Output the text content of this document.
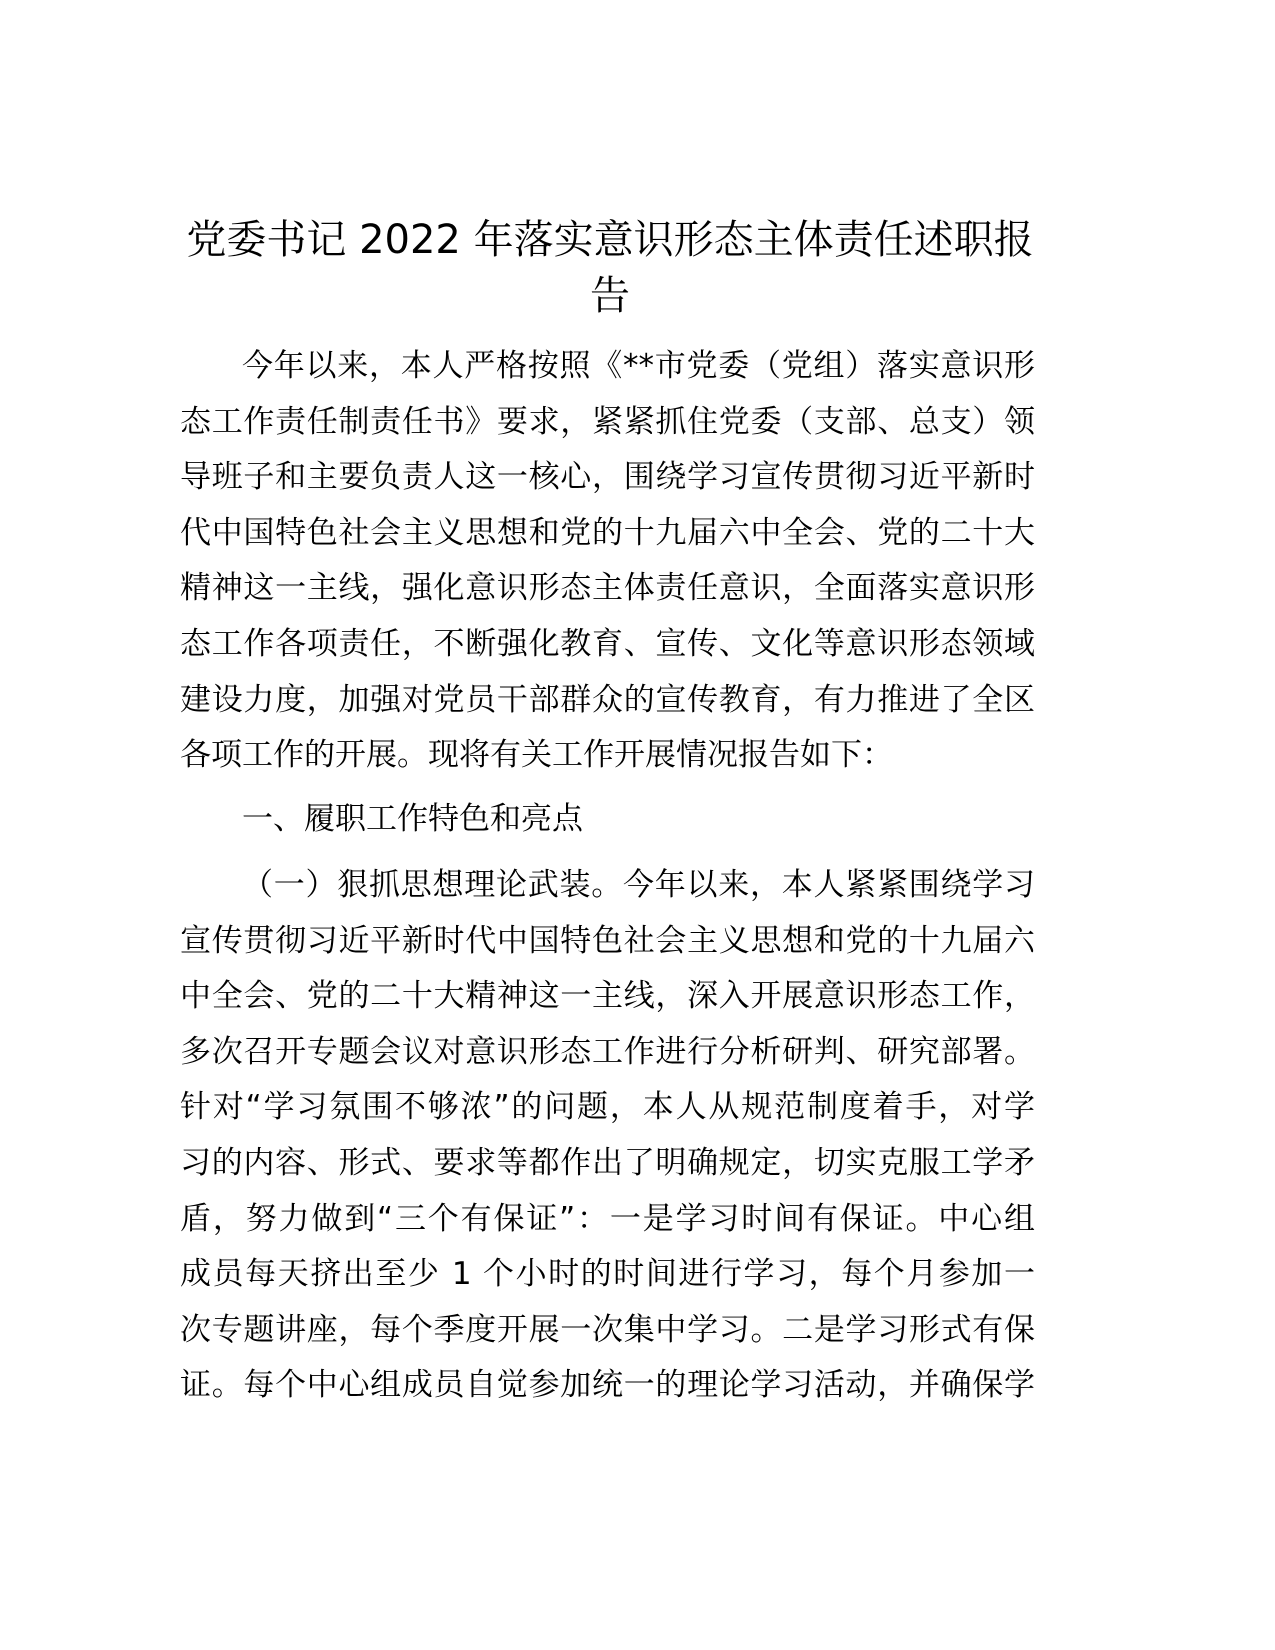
党委书记 2022 年落实意识形态主体责任述职报
告
今年以来，本人严格按照《**市党委（党组）落实意识形
态工作责任制责任书》要求，紧紧抓住党委（支部、总支）领
导班子和主要负责人这一核心，围绕学习宣传贯彻习近平新时
代中国特色社会主义思想和党的十九届六中全会、党的二十大
精神这一主线，强化意识形态主体责任意识，全面落实意识形
态工作各项责任，不断强化教育、宣传、文化等意识形态领域
建设力度，加强对党员干部群众的宣传教育，有力推进了全区
各项工作的开展。现将有关工作开展情况报告如下：
一、履职工作特色和亮点
（一）狠抓思想理论武装。今年以来，本人紧紧围绕学习
宣传贯彻习近平新时代中国特色社会主义思想和党的十九届六
中全会、党的二十大精神这一主线，深入开展意识形态工作，
多次召开专题会议对意识形态工作进行分析研判、研究部署。
针对“学习氛围不够浓”的问题，本人从规范制度着手，对学
习的内容、形式、要求等都作出了明确规定，切实克服工学矛
盾，努力做到“三个有保证”：一是学习时间有保证。中心组
成员每天挤出至少 1 个小时的时间进行学习，每个月参加一
次专题讲座，每个季度开展一次集中学习。二是学习形式有保
证。每个中心组成员自觉参加统一的理论学习活动，并确保学
